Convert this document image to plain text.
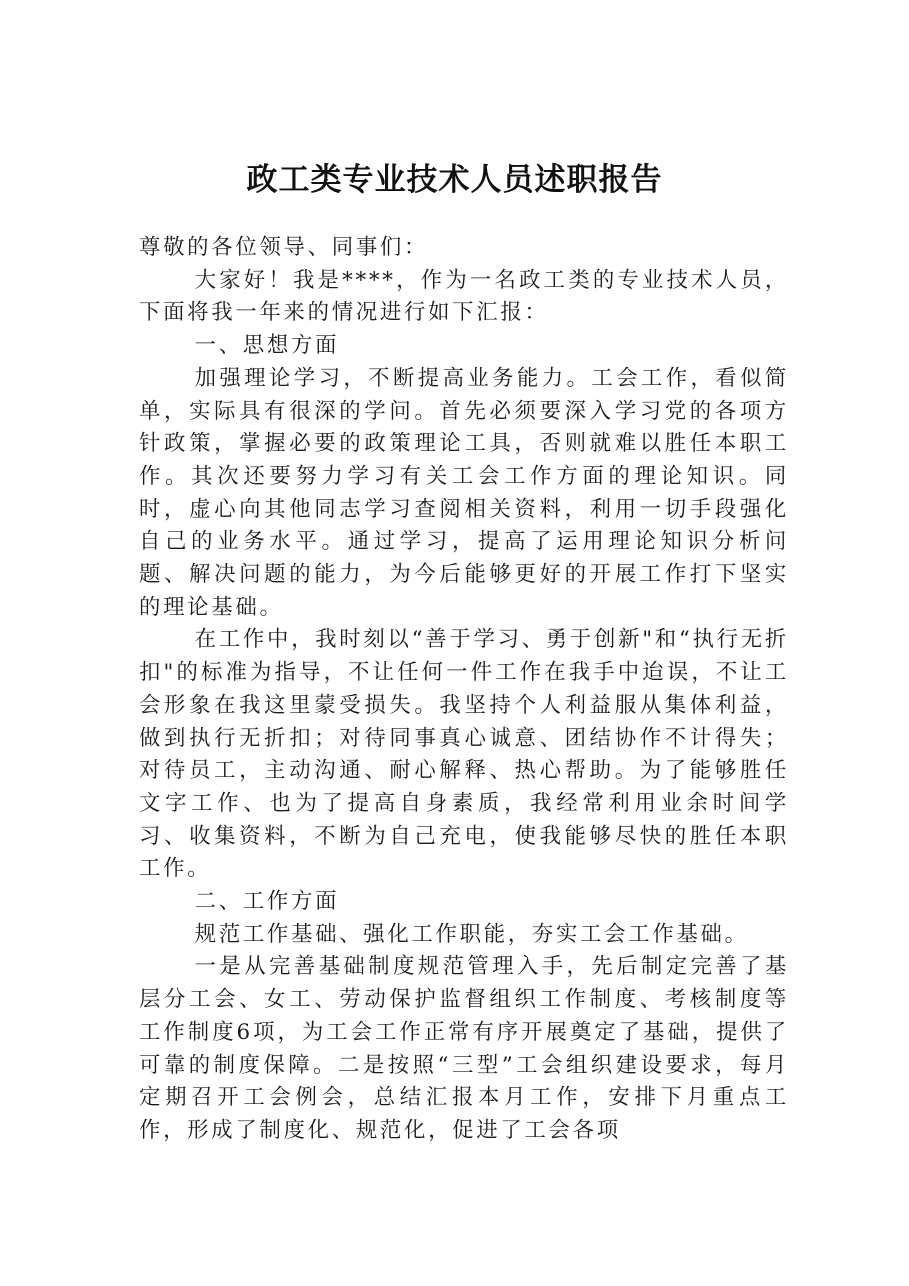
政工类专业技术人员述职报告

尊敬的各位领导、同事们：

大家好！我是****，作为一名政工类的专业技术人员，下面将我一年来的情况进行如下汇报：

一、思想方面

加强理论学习，不断提高业务能力。工会工作，看似简单，实际具有很深的学问。首先必须要深入学习党的各项方针政策，掌握必要的政策理论工具，否则就难以胜任本职工作。其次还要努力学习有关工会工作方面的理论知识。同时，虚心向其他同志学习查阅相关资料，利用一切手段强化自己的业务水平。通过学习，提高了运用理论知识分析问题、解决问题的能力，为今后能够更好的开展工作打下坚实的理论基础。

在工作中，我时刻以“善于学习、勇于创新"和“执行无折扣"的标准为指导，不让任何一件工作在我手中迨误，不让工会形象在我这里蒙受损失。我坚持个人利益服从集体利益，做到执行无折扣；对待同事真心诚意、团结协作不计得失；对待员工，主动沟通、耐心解释、热心帮助。为了能够胜任文字工作、也为了提高自身素质，我经常利用业余时间学习、收集资料，不断为自己充电，使我能够尽快的胜任本职工作。

二、工作方面

规范工作基础、强化工作职能，夯实工会工作基础。

一是从完善基础制度规范管理入手，先后制定完善了基层分工会、女工、劳动保护监督组织工作制度、考核制度等工作制度6项，为工会工作正常有序开展奠定了基础，提供了可靠的制度保障。二是按照“三型”工会组织建设要求，每月定期召开工会例会，总结汇报本月工作，安排下月重点工作，形成了制度化、规范化，促进了工会各项
